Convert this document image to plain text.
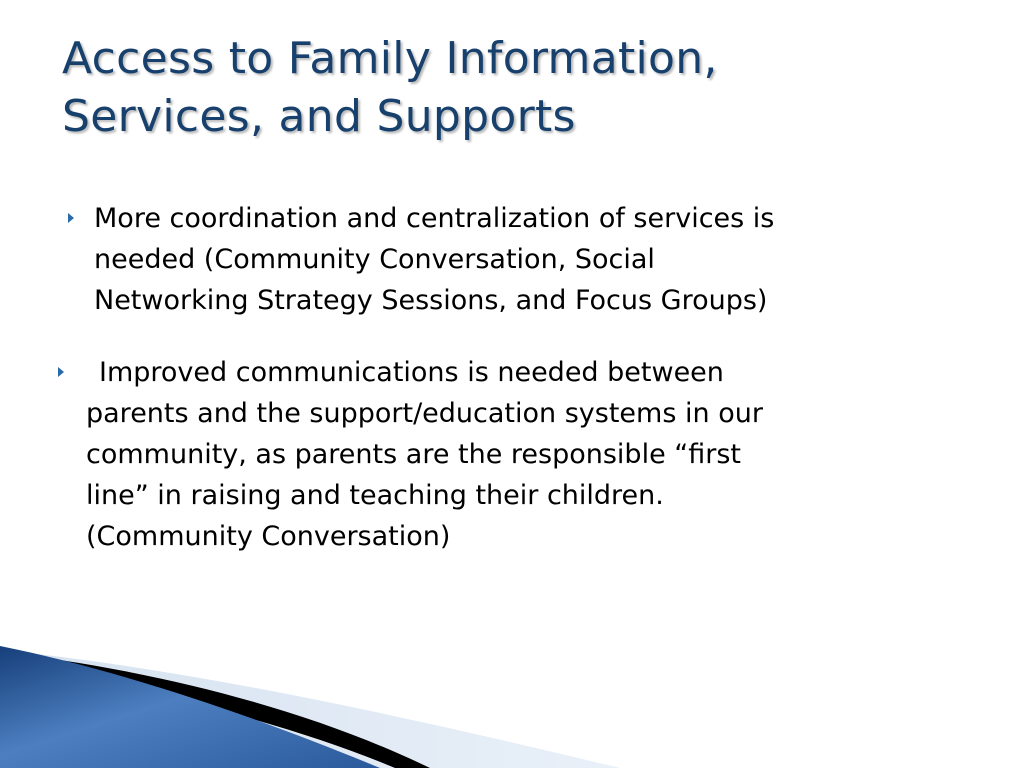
Access to Family Information,
Services, and Supports
More coordination and centralization of services is
needed (Community Conversation, Social
Networking Strategy Sessions, and Focus Groups)
Improved communications is needed between
parents and the support/education systems in our
community, as parents are the responsible “first
line” in raising and teaching their children.
(Community Conversation)
